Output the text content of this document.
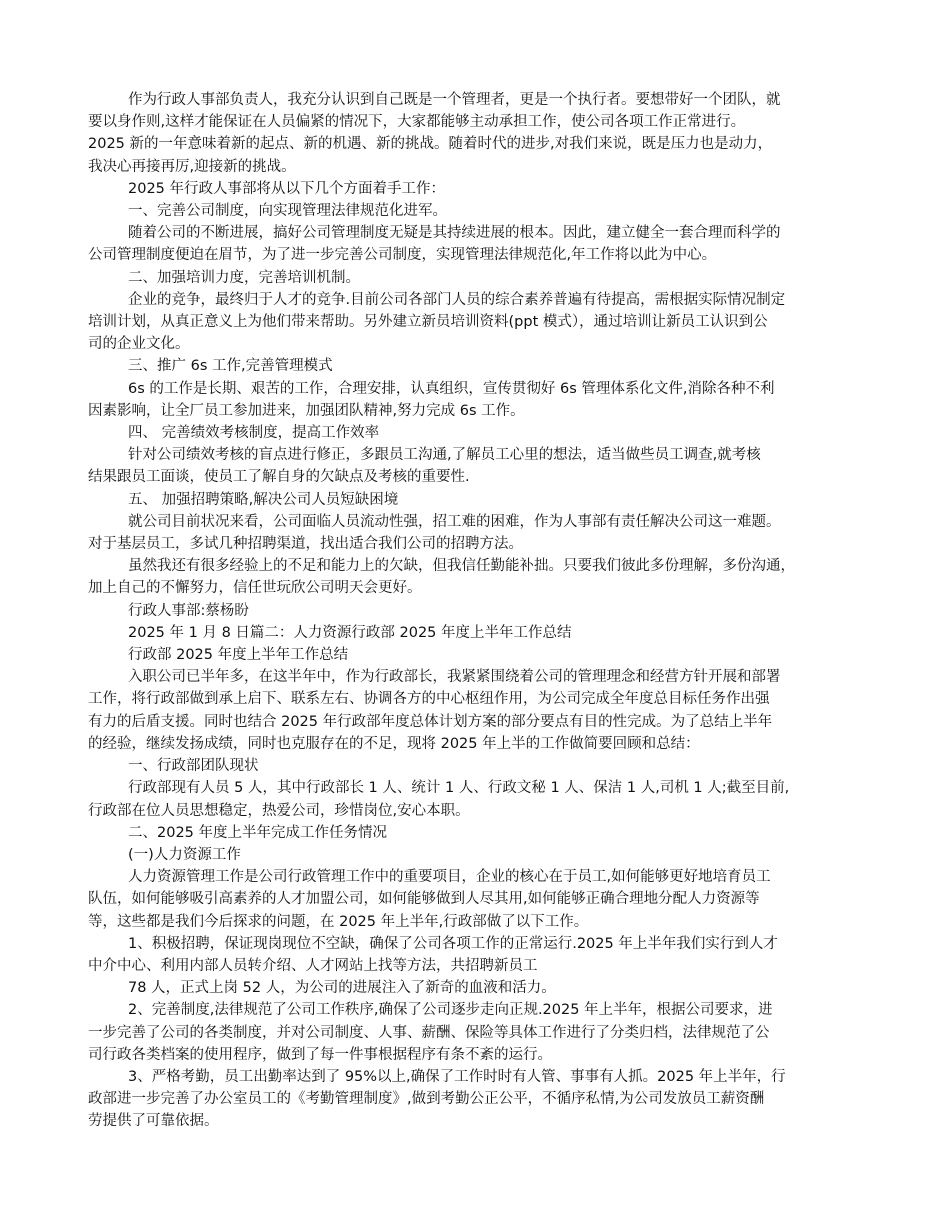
作为行政人事部负责人，我充分认识到自己既是一个管理者，更是一个执行者。要想带好一个团队，就

要以身作则,这样才能保证在人员偏紧的情况下，大家都能够主动承担工作，使公司各项工作正常进行。

2025 新的一年意味着新的起点、新的机遇、新的挑战。随着时代的进步,对我们来说，既是压力也是动力，

我决心再接再厉,迎接新的挑战。

2025 年行政人事部将从以下几个方面着手工作：

一、完善公司制度，向实现管理法律规范化进军。

随着公司的不断进展，搞好公司管理制度无疑是其持续进展的根本。因此，建立健全一套合理而科学的

公司管理制度便迫在眉节，为了进一步完善公司制度，实现管理法律规范化,年工作将以此为中心。

二、加强培训力度，完善培训机制。

企业的竞争，最终归于人才的竞争.目前公司各部门人员的综合素养普遍有待提高，需根据实际情况制定

培训计划，从真正意义上为他们带来帮助。另外建立新员培训资料(ppt 模式），通过培训让新员工认识到公

司的企业文化。

三、推广 6s 工作,完善管理模式

6s 的工作是长期、艰苦的工作，合理安排，认真组织，宣传贯彻好 6s 管理体系化文件,消除各种不利

因素影响，让全厂员工参加进来，加强团队精神,努力完成 6s 工作。

四、 完善绩效考核制度，提高工作效率

针对公司绩效考核的盲点进行修正，多跟员工沟通,了解员工心里的想法，适当做些员工调查,就考核

结果跟员工面谈，使员工了解自身的欠缺点及考核的重要性.

五、 加强招聘策略,解决公司人员短缺困境

就公司目前状况来看，公司面临人员流动性强，招工难的困难，作为人事部有责任解决公司这一难题。

对于基层员工，多试几种招聘渠道，找出适合我们公司的招聘方法。

虽然我还有很多经验上的不足和能力上的欠缺，但我信任勤能补拙。只要我们彼此多份理解，多份沟通，

加上自己的不懈努力，信任世玩欣公司明天会更好。

行政人事部:蔡杨盼

2025 年 1 月 8 日篇二：人力资源行政部 2025 年度上半年工作总结

行政部 2025 年度上半年工作总结

入职公司已半年多，在这半年中，作为行政部长，我紧紧围绕着公司的管理理念和经营方针开展和部署

工作，将行政部做到承上启下、联系左右、协调各方的中心枢纽作用，为公司完成全年度总目标任务作出强

有力的后盾支援。同时也结合 2025 年行政部年度总体计划方案的部分要点有目的性完成。为了总结上半年

的经验，继续发扬成绩，同时也克服存在的不足，现将 2025 年上半的工作做简要回顾和总结：

一、行政部团队现状

行政部现有人员 5 人，其中行政部长 1 人、统计 1 人、行政文秘 1 人、保洁 1 人,司机 1 人;截至目前,

行政部在位人员思想稳定，热爱公司，珍惜岗位,安心本职。

二、2025 年度上半年完成工作任务情况

(一)人力资源工作

人力资源管理工作是公司行政管理工作中的重要项目，企业的核心在于员工,如何能够更好地培育员工

队伍，如何能够吸引高素养的人才加盟公司，如何能够做到人尽其用,如何能够正确合理地分配人力资源等

等，这些都是我们今后探求的问题，在 2025 年上半年,行政部做了以下工作。

1、积极招聘，保证现岗现位不空缺，确保了公司各项工作的正常运行.2025 年上半年我们实行到人才

中介中心、利用内部人员转介绍、人才网站上找等方法，共招聘新员工

78 人，正式上岗 52 人，为公司的进展注入了新奇的血液和活力。

2、完善制度,法律规范了公司工作秩序,确保了公司逐步走向正规.2025 年上半年，根据公司要求，进

一步完善了公司的各类制度，并对公司制度、人事、薪酬、保险等具体工作进行了分类归档，法律规范了公

司行政各类档案的使用程序，做到了每一件事根据程序有条不紊的运行。

3、严格考勤，员工出勤率达到了 95%以上,确保了工作时时有人管、事事有人抓。2025 年上半年，行

政部进一步完善了办公室员工的《考勤管理制度》,做到考勤公正公平，不循序私情,为公司发放员工薪资酬

劳提供了可靠依据。
